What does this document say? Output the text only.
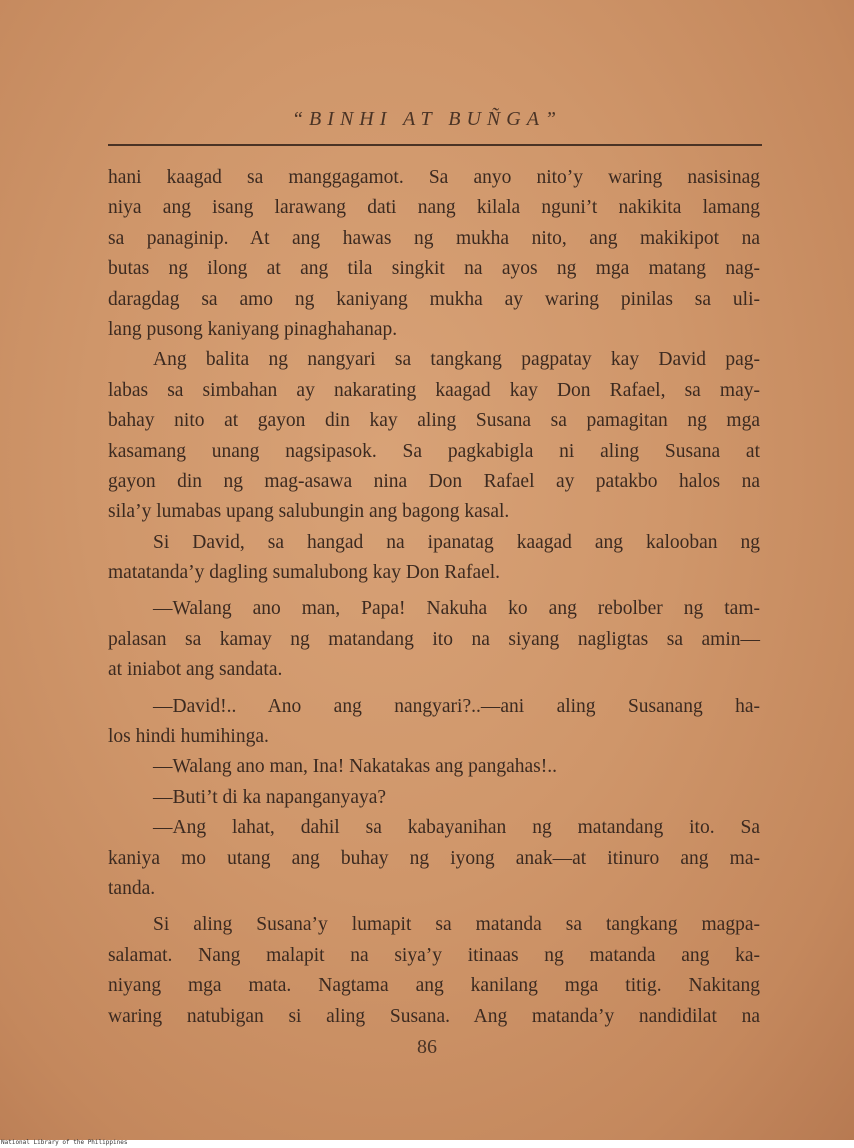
“BINHI AT BUÑGA”
hani kaagad sa manggagamot. Sa anyo nito’y waring nasisinag
niya ang isang larawang dati nang kilala nguni’t nakikita lamang
sa panaginip. At ang hawas ng mukha nito, ang makikipot na
butas ng ilong at ang tila singkit na ayos ng mga matang nag-
daragdag sa amo ng kaniyang mukha ay waring pinilas sa uli-
lang pusong kaniyang pinaghahanap.
Ang balita ng nangyari sa tangkang pagpatay kay David pag-
labas sa simbahan ay nakarating kaagad kay Don Rafael, sa may-
bahay nito at gayon din kay aling Susana sa pamagitan ng mga
kasamang unang nagsipasok. Sa pagkabigla ni aling Susana at
gayon din ng mag-asawa nina Don Rafael ay patakbo halos na
sila’y lumabas upang salubungin ang bagong kasal.
Si David, sa hangad na ipanatag kaagad ang kalooban ng
matatanda’y dagling sumalubong kay Don Rafael.
—Walang ano man, Papa! Nakuha ko ang rebolber ng tam-
palasan sa kamay ng matandang ito na siyang nagligtas sa amin—
at iniabot ang sandata.
—David!.. Ano ang nangyari?..—ani aling Susanang ha-
los hindi humihinga.
—Walang ano man, Ina! Nakatakas ang pangahas!..
—Buti’t di ka napanganyaya?
—Ang lahat, dahil sa kabayanihan ng matandang ito. Sa
kaniya mo utang ang buhay ng iyong anak—at itinuro ang ma-
tanda.
Si aling Susana’y lumapit sa matanda sa tangkang magpa-
salamat. Nang malapit na siya’y itinaas ng matanda ang ka-
niyang mga mata. Nagtama ang kanilang mga titig. Nakitang
waring natubigan si aling Susana. Ang matanda’y nandidilat na
86
National Library of the Philippines
